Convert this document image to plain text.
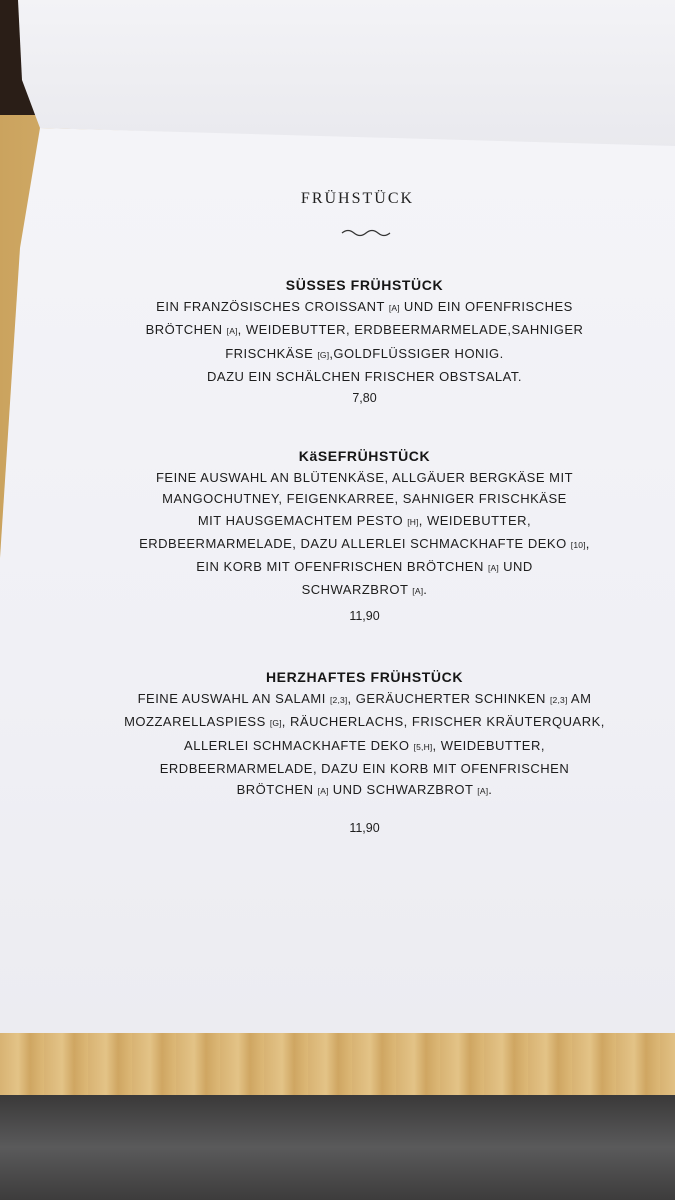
FRÜHSTÜCK
SÜSSES FRÜHSTÜCK
EIN FRANZÖSISCHES CROISSANT [A] UND EIN OFENFRISCHES
BRÖTCHEN [A], WEIDEBUTTER, ERDBEERMARMELADE,SAHNIGER
FRISCHKÄSE [G],GOLDFLÜSSIGER HONIG.
DAZU EIN SCHÄLCHEN FRISCHER OBSTSALAT.
7,80
KäSEFRÜHSTÜCK
FEINE AUSWAHL AN BLÜTENKÄSE, ALLGÄUER BERGKÄSE MIT
MANGOCHUTNEY, FEIGENKARREE, SAHNIGER FRISCHKÄSE
MIT HAUSGEMACHTEM PESTO [H], WEIDEBUTTER,
ERDBEERMARMELADE, DAZU ALLERLEI SCHMACKHAFTE DEKO [10],
EIN KORB MIT OFENFRISCHEN BRÖTCHEN [A] UND
SCHWARZBROT [A].
11,90
HERZHAFTES FRÜHSTÜCK
FEINE AUSWAHL AN SALAMI [2,3], GERÄUCHERTER SCHINKEN [2,3] AM
MOZZARELLASPIESS [G], RÄUCHERLACHS, FRISCHER KRÄUTERQUARK,
ALLERLEI SCHMACKHAFTE DEKO [5,H], WEIDEBUTTER,
ERDBEERMARMELADE, DAZU EIN KORB MIT OFENFRISCHEN
BRÖTCHEN [A] UND SCHWARZBROT [A].
11,90
